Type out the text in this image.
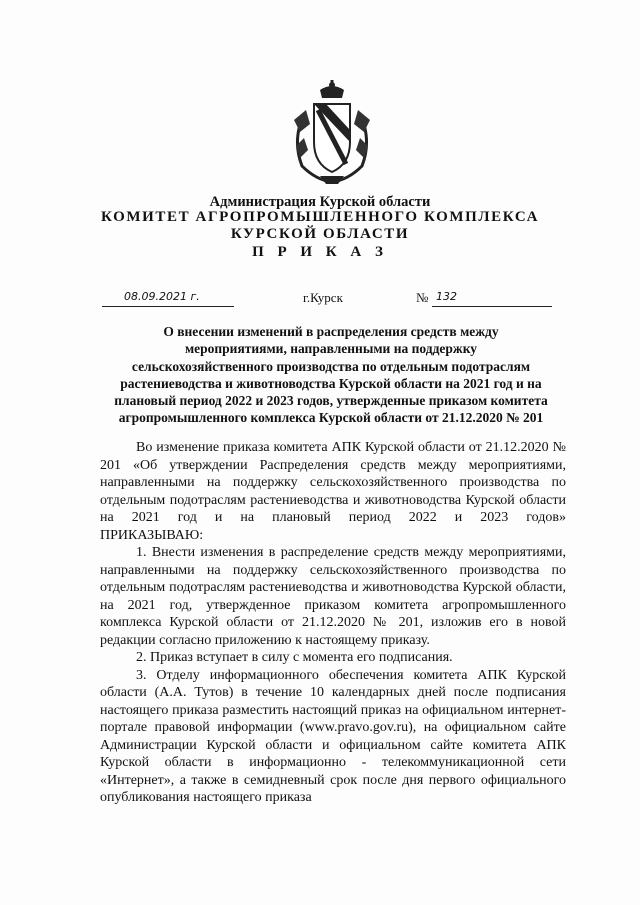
Администрация Курской области
КОМИТЕТ АГРОПРОМЫШЛЕННОГО КОМПЛЕКСА
КУРСКОЙ ОБЛАСТИ
П Р И К А З
08.09.2021 г.	г.Курск	№ 132
О внесении изменений в распределения средств между
мероприятиями, направленными на поддержку
сельскохозяйственного производства по отдельным подотраслям
растениеводства и животноводства Курской области на 2021 год и на
плановый период 2022 и 2023 годов, утвержденные приказом комитета
агропромышленного комплекса Курской области от 21.12.2020 № 201

Во изменение приказа комитета АПК Курской области от 21.12.2020 № 201 «Об утверждении Распределения средств между мероприятиями, направленными на поддержку сельскохозяйственного производства по отдельным подотраслям растениеводства и животноводства Курской области на 2021 год и на плановый период 2022 и 2023 годов»

ПРИКАЗЫВАЮ:

1. Внести изменения в распределение средств между мероприятиями, направленными на поддержку сельскохозяйственного производства по отдельным подотраслям растениеводства и животноводства Курской области, на 2021 год, утвержденное приказом комитета агропромышленного комплекса Курской области от 21.12.2020 № 201, изложив его в новой редакции согласно приложению к настоящему приказу.

2. Приказ вступает в силу с момента его подписания.

3. Отделу информационного обеспечения комитета АПК Курской области (А.А. Тутов) в течение 10 календарных дней после подписания настоящего приказа разместить настоящий приказ на официальном интернет-портале правовой информации (www.pravo.gov.ru), на официальном сайте Администрации Курской области и официальном сайте комитета АПК Курской области в информационно - телекоммуникационной сети «Интернет», а также в семидневный срок после дня первого официального опубликования настоящего приказа
